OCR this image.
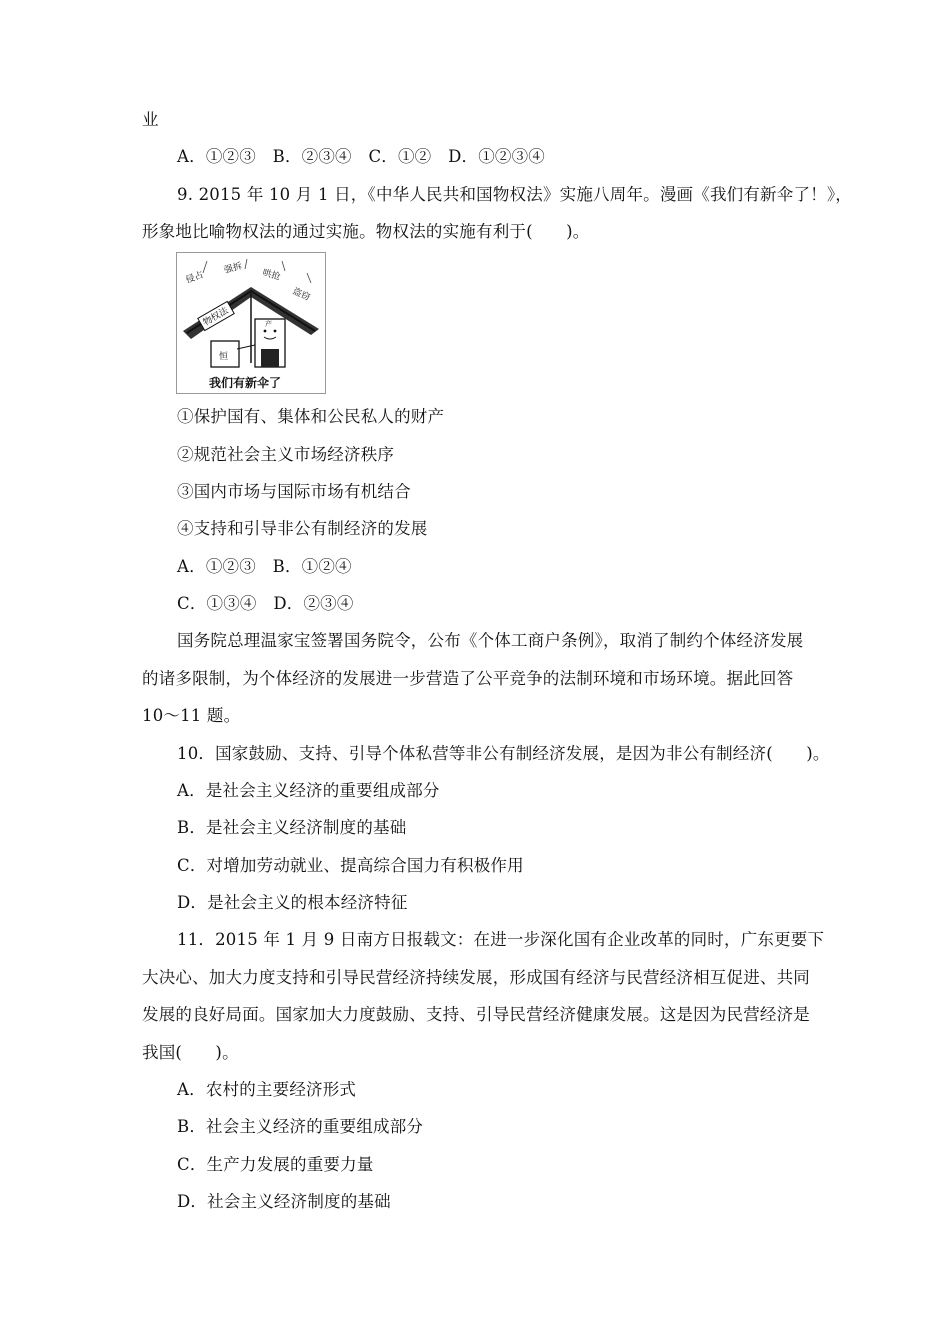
业
A．①②③　B．②③④　C．①②　D．①②③④
9. 2015 年 10 月 1 日，《中华人民共和国物权法》实施八周年。漫画《我们有新伞了！》，
形象地比喻物权法的通过实施。物权法的实施有利于(　　)。
侵占
强拆 哄抢
盗窃
物权法
恒
产
我们有新伞了
①保护国有、集体和公民私人的财产
②规范社会主义市场经济秩序
③国内市场与国际市场有机结合
④支持和引导非公有制经济的发展
A．①②③　B．①②④
C．①③④　D．②③④
国务院总理温家宝签署国务院令，公布《个体工商户条例》，取消了制约个体经济发展
的诸多限制，为个体经济的发展进一步营造了公平竞争的法制环境和市场环境。据此回答
10～11 题。
10．国家鼓励、支持、引导个体私营等非公有制经济发展，是因为非公有制经济(　　)。
A．是社会主义经济的重要组成部分
B．是社会主义经济制度的基础
C．对增加劳动就业、提高综合国力有积极作用
D．是社会主义的根本经济特征
11．2015 年 1 月 9 日南方日报载文：在进一步深化国有企业改革的同时，广东更要下
大决心、加大力度支持和引导民营经济持续发展，形成国有经济与民营经济相互促进、共同
发展的良好局面。国家加大力度鼓励、支持、引导民营经济健康发展。这是因为民营经济是
我国(　　)。
A．农村的主要经济形式
B．社会主义经济的重要组成部分
C．生产力发展的重要力量
D．社会主义经济制度的基础
